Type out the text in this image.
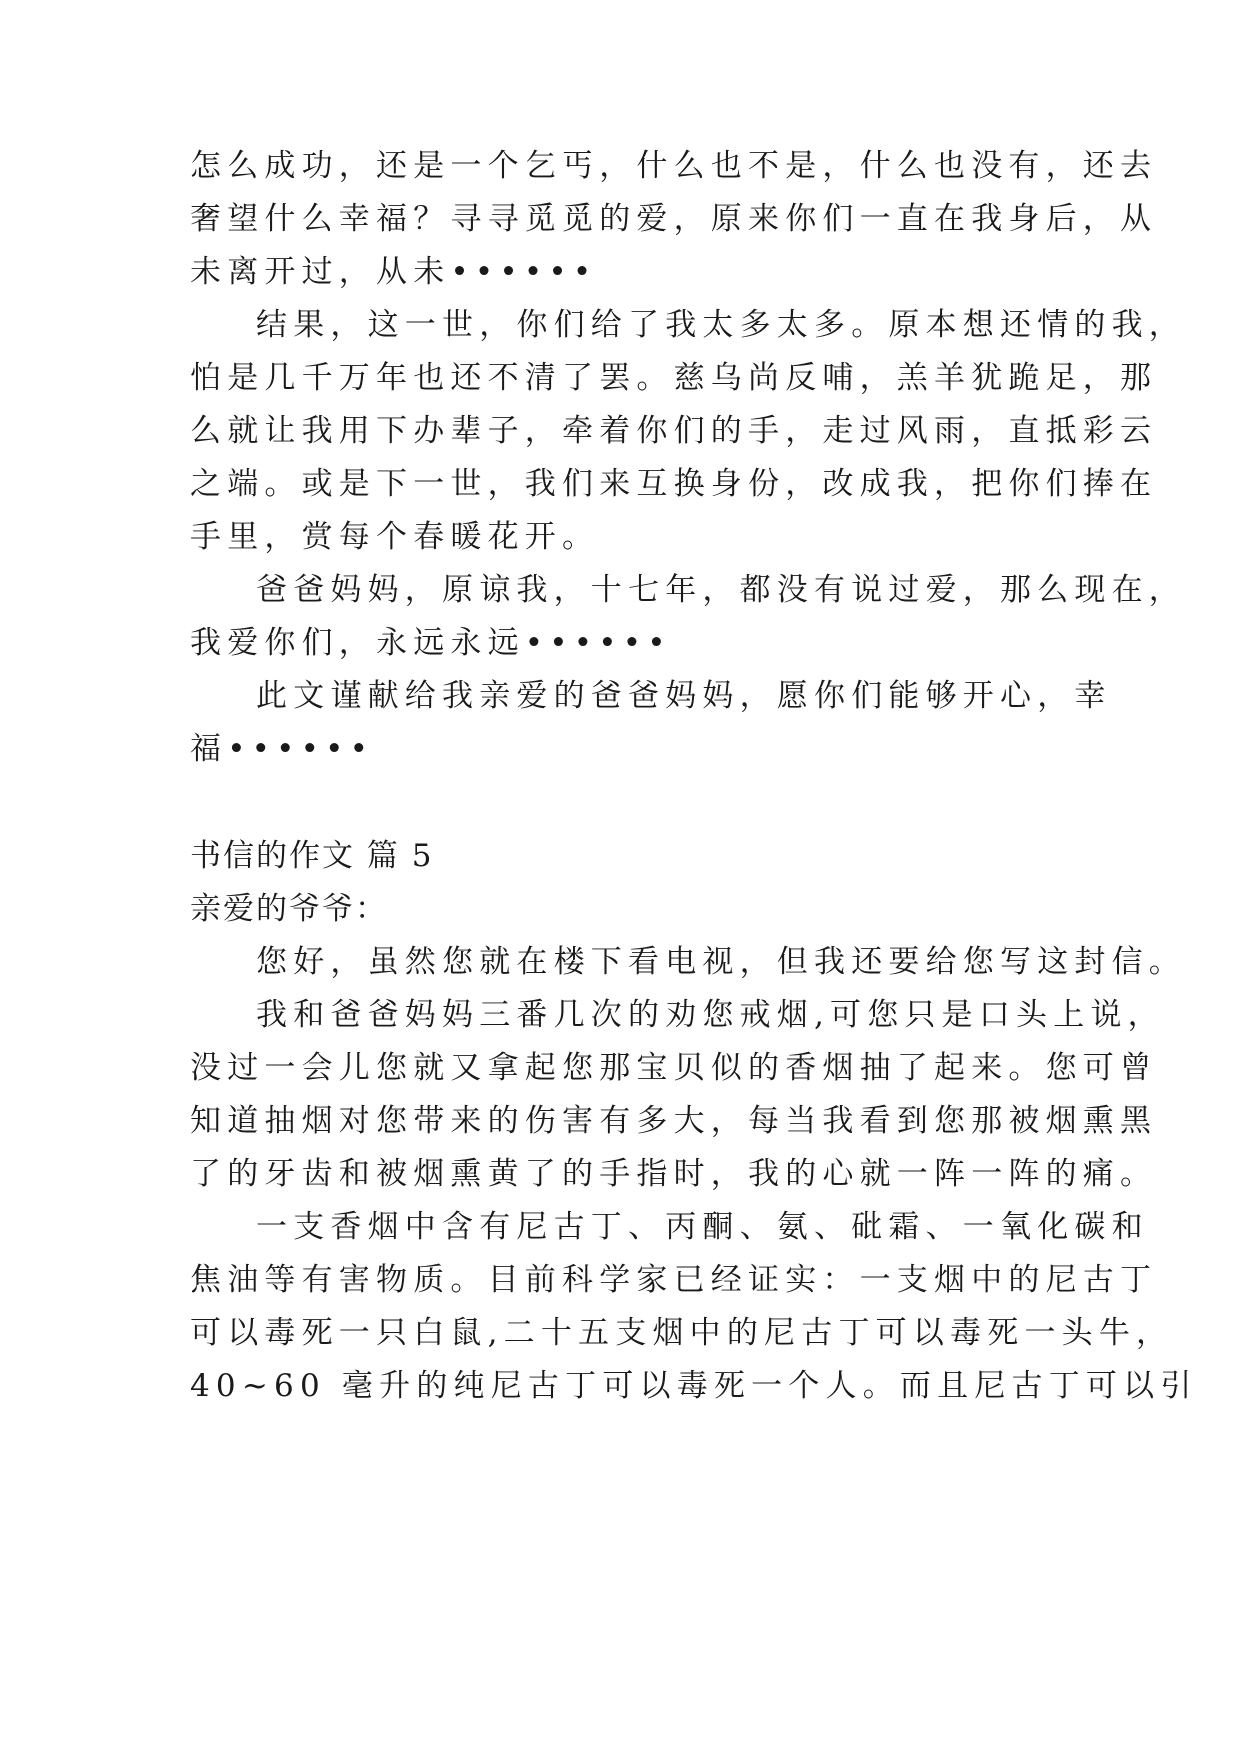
怎么成功，还是一个乞丐，什么也不是，什么也没有，还去
奢望什么幸福？寻寻觅觅的爱，原来你们一直在我身后，从
未离开过，从未••••••
结果，这一世，你们给了我太多太多。原本想还情的我，
怕是几千万年也还不清了罢。慈乌尚反哺，羔羊犹跪足，那
么就让我用下办辈子，牵着你们的手，走过风雨，直抵彩云
之端。或是下一世，我们来互换身份，改成我，把你们捧在
手里，赏每个春暖花开。
爸爸妈妈，原谅我，十七年，都没有说过爱，那么现在，
我爱你们，永远永远••••••
此文谨献给我亲爱的爸爸妈妈，愿你们能够开心，幸
福••••••
书信的作文 篇 5
亲爱的爷爷：
您好，虽然您就在楼下看电视，但我还要给您写这封信。
我和爸爸妈妈三番几次的劝您戒烟,可您只是口头上说，
没过一会儿您就又拿起您那宝贝似的香烟抽了起来。您可曾
知道抽烟对您带来的伤害有多大，每当我看到您那被烟熏黑
了的牙齿和被烟熏黄了的手指时，我的心就一阵一阵的痛。
一支香烟中含有尼古丁、丙酮、氨、砒霜、一氧化碳和
焦油等有害物质。目前科学家已经证实：一支烟中的尼古丁
可以毒死一只白鼠,二十五支烟中的尼古丁可以毒死一头牛，
40~60 毫升的纯尼古丁可以毒死一个人。而且尼古丁可以引
